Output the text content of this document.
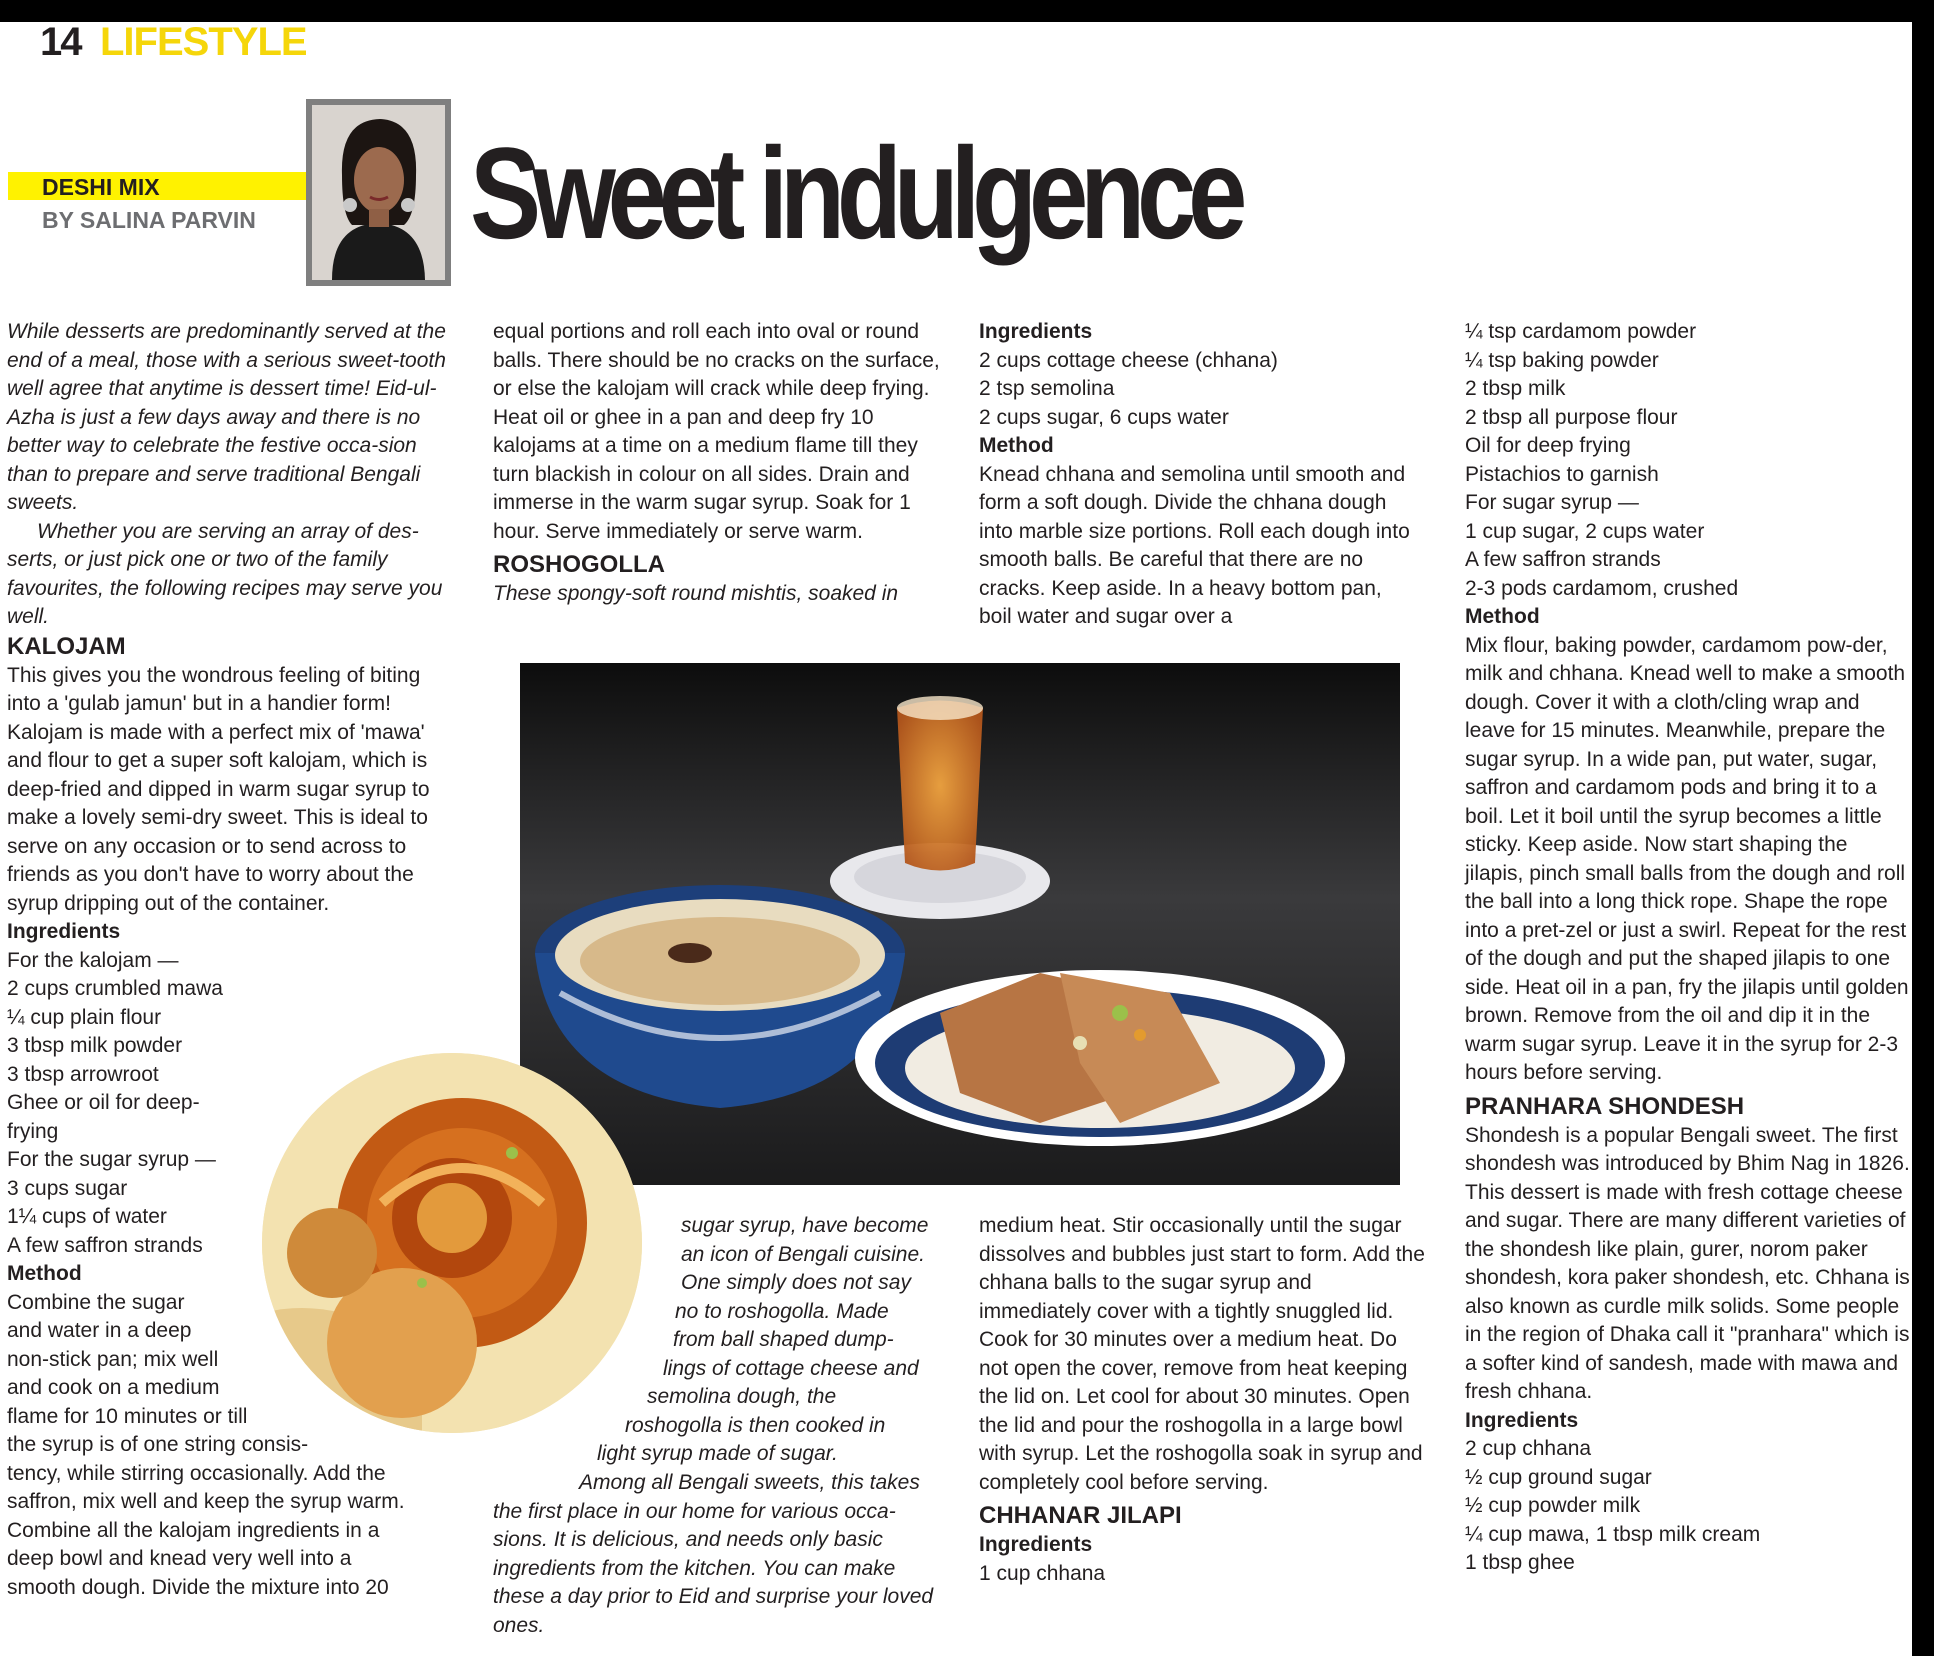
14 LIFESTYLE
DESHI MIX
BY SALINA PARVIN Sweet indulgence

While desserts are predominantly served at the end of a meal, those with a serious sweet-tooth well agree that anytime is dessert time! Eid-ul-Azha is just a few days away and there is no better way to celebrate the festive occa-sion than to prepare and serve traditional Bengali sweets.

Whether you are serving an array of des-serts, or just pick one or two of the family favourites, the following recipes may serve you well.

KALOJAM

This gives you the wondrous feeling of biting into a 'gulab jamun' but in a handier form! Kalojam is made with a perfect mix of 'mawa' and flour to get a super soft kalojam, which is deep-fried and dipped in warm sugar syrup to make a lovely semi-dry sweet. This is ideal to serve on any occasion or to send across to friends as you don't have to worry about the syrup dripping out of the container.

Ingredients

For the kalojam —
2 cups crumbled mawa
¼ cup plain flour
3 tbsp milk powder
3 tbsp arrowroot
Ghee or oil for deep-
frying
For the sugar syrup —
3 cups sugar
1¼ cups of water
A few saffron strands

Method

Combine the sugar
and water in a deep
non-stick pan; mix well
and cook on a medium
flame for 10 minutes or till
the syrup is of one string consis-
tency, while stirring occasionally. Add the
saffron, mix well and keep the syrup warm.
Combine all the kalojam ingredients in a
deep bowl and knead very well into a
smooth dough. Divide the mixture into 20

equal portions and roll each into oval or round balls. There should be no cracks on the surface, or else the kalojam will crack while deep frying. Heat oil or ghee in a pan and deep fry 10 kalojams at a time on a medium flame till they turn blackish in colour on all sides. Drain and immerse in the warm sugar syrup. Soak for 1 hour. Serve immediately or serve warm.

ROSHOGOLLA

These spongy-soft round mishtis, soaked in

sugar syrup, have become
an icon of Bengali cuisine.
One simply does not say
no to roshogolla. Made
from ball shaped dump-
lings of cottage cheese and
semolina dough, the
roshogolla is then cooked in
light syrup made of sugar.

Among all Bengali sweets, this takes the first place in our home for various occa-sions. It is delicious, and needs only basic ingredients from the kitchen. You can make these a day prior to Eid and surprise your loved ones.

Ingredients

2 cups cottage cheese (chhana)
2 tsp semolina
2 cups sugar, 6 cups water

Method

Knead chhana and semolina until smooth and form a soft dough. Divide the chhana dough into marble size portions. Roll each dough into smooth balls. Be careful that there are no cracks. Keep aside. In a heavy bottom pan, boil water and sugar over a

medium heat. Stir occasionally until the sugar dissolves and bubbles just start to form. Add the chhana balls to the sugar syrup and immediately cover with a tightly snuggled lid. Cook for 30 minutes over a medium heat. Do not open the cover, remove from heat keeping the lid on. Let cool for about 30 minutes. Open the lid and pour the roshogolla in a large bowl with syrup. Let the roshogolla soak in syrup and completely cool before serving.

CHHANAR JILAPI

Ingredients

1 cup chhana
¼ tsp cardamom powder
¼ tsp baking powder
2 tbsp milk
2 tbsp all purpose flour
Oil for deep frying
Pistachios to garnish
For sugar syrup —
1 cup sugar, 2 cups water
A few saffron strands
2-3 pods cardamom, crushed

Method

Mix flour, baking powder, cardamom pow-der, milk and chhana. Knead well to make a smooth dough. Cover it with a cloth/cling wrap and leave for 15 minutes. Meanwhile, prepare the sugar syrup. In a wide pan, put water, sugar, saffron and cardamom pods and bring it to a boil. Let it boil until the syrup becomes a little sticky. Keep aside. Now start shaping the jilapis, pinch small balls from the dough and roll the ball into a long thick rope. Shape the rope into a pret-zel or just a swirl. Repeat for the rest of the dough and put the shaped jilapis to one side. Heat oil in a pan, fry the jilapis until golden brown. Remove from the oil and dip it in the warm sugar syrup. Leave it in the syrup for 2-3 hours before serving.

PRANHARA SHONDESH

Shondesh is a popular Bengali sweet. The first shondesh was introduced by Bhim Nag in 1826. This dessert is made with fresh cottage cheese and sugar. There are many different varieties of the shondesh like plain, gurer, norom paker shondesh, kora paker shondesh, etc. Chhana is also known as curdle milk solids. Some people in the region of Dhaka call it "pranhara" which is a softer kind of sandesh, made with mawa and fresh chhana.

Ingredients

2 cup chhana
½ cup ground sugar
½ cup powder milk
¼ cup mawa, 1 tbsp milk cream
1 tbsp ghee
